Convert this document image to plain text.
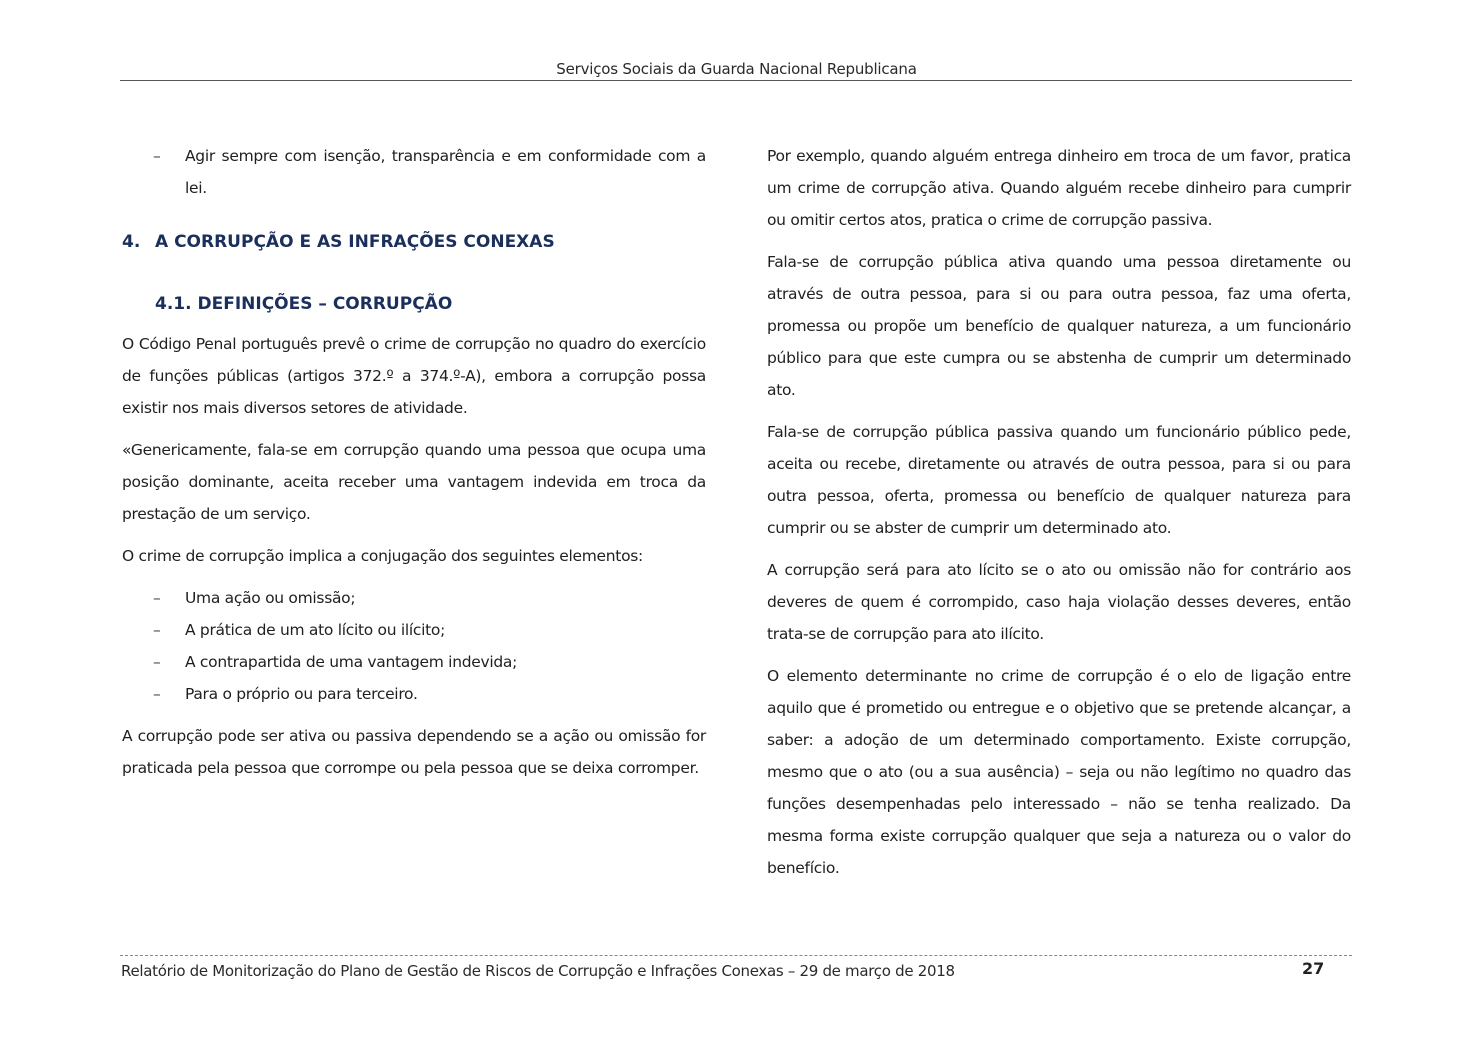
Serviços Sociais da Guarda Nacional Republicana
– Agir sempre com isenção, transparência e em conformidade com a lei.
4. A CORRUPÇÃO E AS INFRAÇÕES CONEXAS
4.1. DEFINIÇÕES – CORRUPÇÃO

O Código Penal português prevê o crime de corrupção no quadro do exercício de funções públicas (artigos 372.º a 374.º-A), embora a corrupção possa existir nos mais diversos setores de atividade.

«Genericamente, fala-se em corrupção quando uma pessoa que ocupa uma posição dominante, aceita receber uma vantagem indevida em troca da prestação de um serviço.

O crime de corrupção implica a conjugação dos seguintes elementos:

– Uma ação ou omissão;
– A prática de um ato lícito ou ilícito;
– A contrapartida de uma vantagem indevida;
– Para o próprio ou para terceiro.

A corrupção pode ser ativa ou passiva dependendo se a ação ou omissão for praticada pela pessoa que corrompe ou pela pessoa que se deixa corromper.

Por exemplo, quando alguém entrega dinheiro em troca de um favor, pratica um crime de corrupção ativa. Quando alguém recebe dinheiro para cumprir ou omitir certos atos, pratica o crime de corrupção passiva.

Fala-se de corrupção pública ativa quando uma pessoa diretamente ou através de outra pessoa, para si ou para outra pessoa, faz uma oferta, promessa ou propõe um benefício de qualquer natureza, a um funcionário público para que este cumpra ou se abstenha de cumprir um determinado ato.

Fala-se de corrupção pública passiva quando um funcionário público pede, aceita ou recebe, diretamente ou através de outra pessoa, para si ou para outra pessoa, oferta, promessa ou benefício de qualquer natureza para cumprir ou se abster de cumprir um determinado ato.

A corrupção será para ato lícito se o ato ou omissão não for contrário aos deveres de quem é corrompido, caso haja violação desses deveres, então trata-se de corrupção para ato ilícito.

O elemento determinante no crime de corrupção é o elo de ligação entre aquilo que é prometido ou entregue e o objetivo que se pretende alcançar, a saber: a adoção de um determinado comportamento. Existe corrupção, mesmo que o ato (ou a sua ausência) – seja ou não legítimo no quadro das funções desempenhadas pelo interessado – não se tenha realizado. Da mesma forma existe corrupção qualquer que seja a natureza ou o valor do benefício.

Relatório de Monitorização do Plano de Gestão de Riscos de Corrupção e Infrações Conexas – 29 de março de 2018	27
